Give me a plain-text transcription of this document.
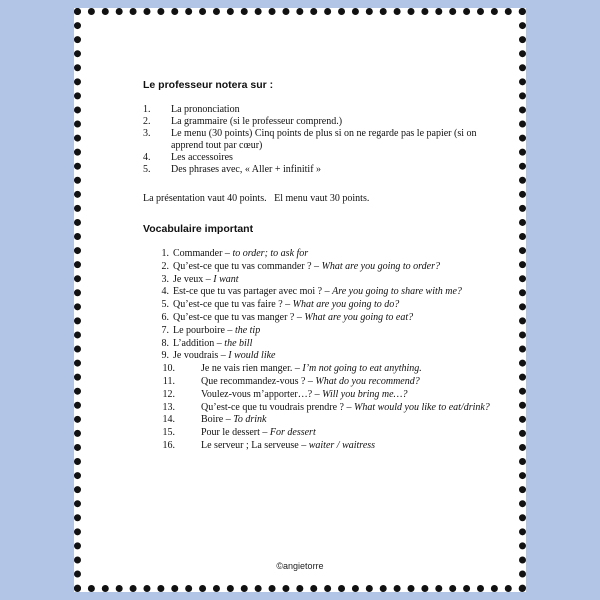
Le professeur notera sur :
1.	La prononciation
2.	La grammaire (si le professeur comprend.)
3.	Le menu (30 points) Cinq points de plus si on ne regarde pas le papier (si on apprend tout par cœur)
4.	Les accessoires
5.	Des phrases avec, « Aller + infinitif »
La présentation vaut 40 points.   El menu vaut 30 points.
Vocabulaire important
1. Commander – to order; to ask for
2. Qu’est-ce que tu vas commander ? – What are you going to order?
3. Je veux – I want
4. Est-ce que tu vas partager avec moi ? – Are you going to share with me?
5. Qu’est-ce que tu vas faire ? – What are you going to do?
6. Qu’est-ce que tu vas manger ? – What are you going to eat?
7. Le pourboire – the tip
8. L’addition – the bill
9. Je voudrais – I would like
10.	Je ne vais rien manger. – I’m not going to eat anything.
11.	Que recommandez-vous ? – What do you recommend?
12.	Voulez-vous m’apporter…? – Will you bring me…?
13.	Qu’est-ce que tu voudrais prendre ? – What would you like to eat/drink?
14.	Boire – To drink
15.	Pour le dessert – For dessert
16.	Le serveur ; La serveuse – waiter / waitress
©angietorre
